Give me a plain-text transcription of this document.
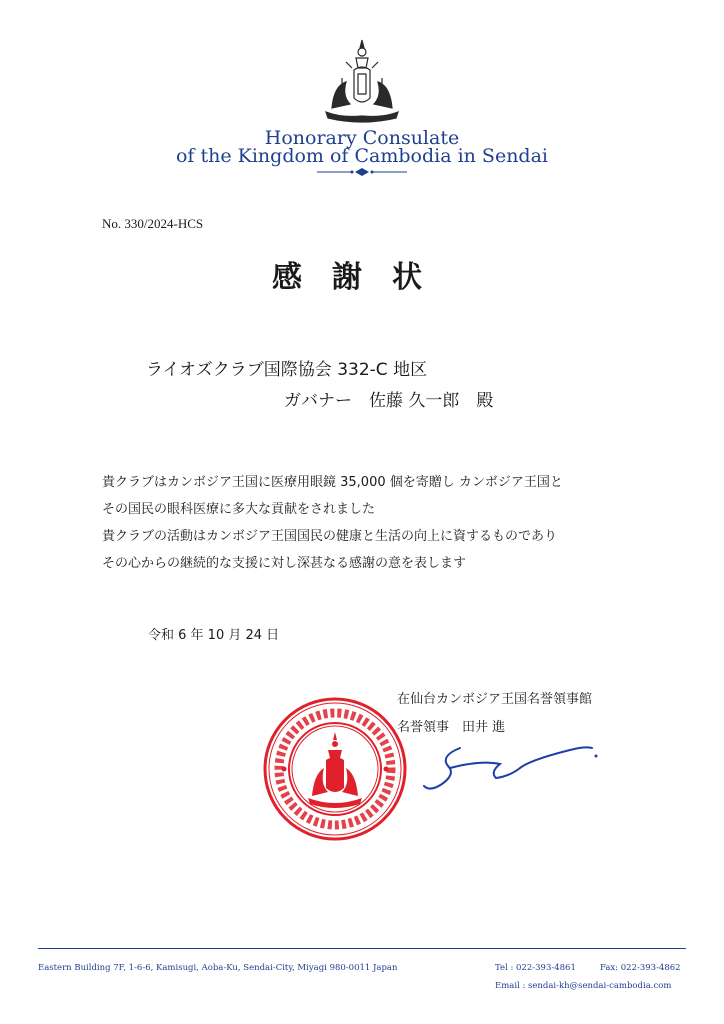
Honorary Consulate
of the Kingdom of Cambodia in Sendai
No. 330/2024-HCS
感謝状
ライオズクラブ国際協会 332-C 地区
ガバナー　佐藤 久一郎　殿
貴クラブはカンボジア王国に医療用眼鏡 35,000 個を寄贈し カンボジア王国と
その国民の眼科医療に多大な貢献をされました
貴クラブの活動はカンボジア王国国民の健康と生活の向上に資するものであり
その心からの継続的な支援に対し深甚なる感謝の意を表します
令和 6 年 10 月 24 日
在仙台カンボジア王国名誉領事館
名誉領事　田井 進
Eastern Building 7F, 1-6-6, Kamisugi, Aoba-Ku, Sendai-City, Miyagi 980-0011 Japan	Tel : 022-393-4861	Fax: 022-393-4862
Email : sendai-kh@sendai-cambodia.com
